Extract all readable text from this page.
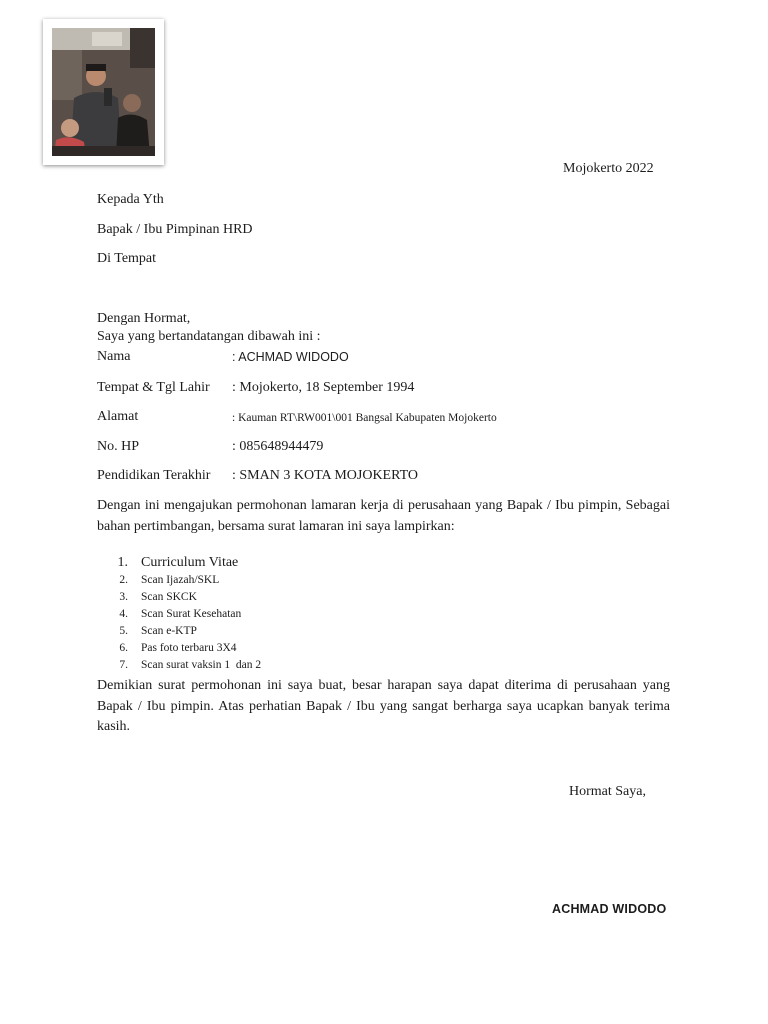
Mojokerto 2022
Kepada Yth
Bapak / Ibu Pimpinan HRD
Di Tempat
Dengan Hormat,
Saya yang bertandatangan dibawah ini :
Nama	: ACHMAD WIDODO
Tempat & Tgl Lahir : Mojokerto, 18 September 1994
Alamat	: Kauman RT\RW001\001 Bangsal Kabupaten Mojokerto
No. HP	: 085648944479
Pendidikan Terakhir : SMAN 3 KOTA MOJOKERTO
Dengan ini mengajukan permohonan lamaran kerja di perusahaan yang Bapak / Ibu pimpin, Sebagai bahan pertimbangan, bersama surat lamaran ini saya lampirkan:
1. Curriculum Vitae
2. Scan Ijazah/SKL
3. Scan SKCK
4. Scan Surat Kesehatan
5. Scan e-KTP
6. Pas foto terbaru 3X4
7. Scan surat vaksin 1  dan 2
Demikian surat permohonan ini saya buat, besar harapan saya dapat diterima di perusahaan yang Bapak / Ibu pimpin. Atas perhatian Bapak / Ibu yang sangat berharga saya ucapkan banyak terima kasih.
Hormat Saya,
ACHMAD WIDODO
